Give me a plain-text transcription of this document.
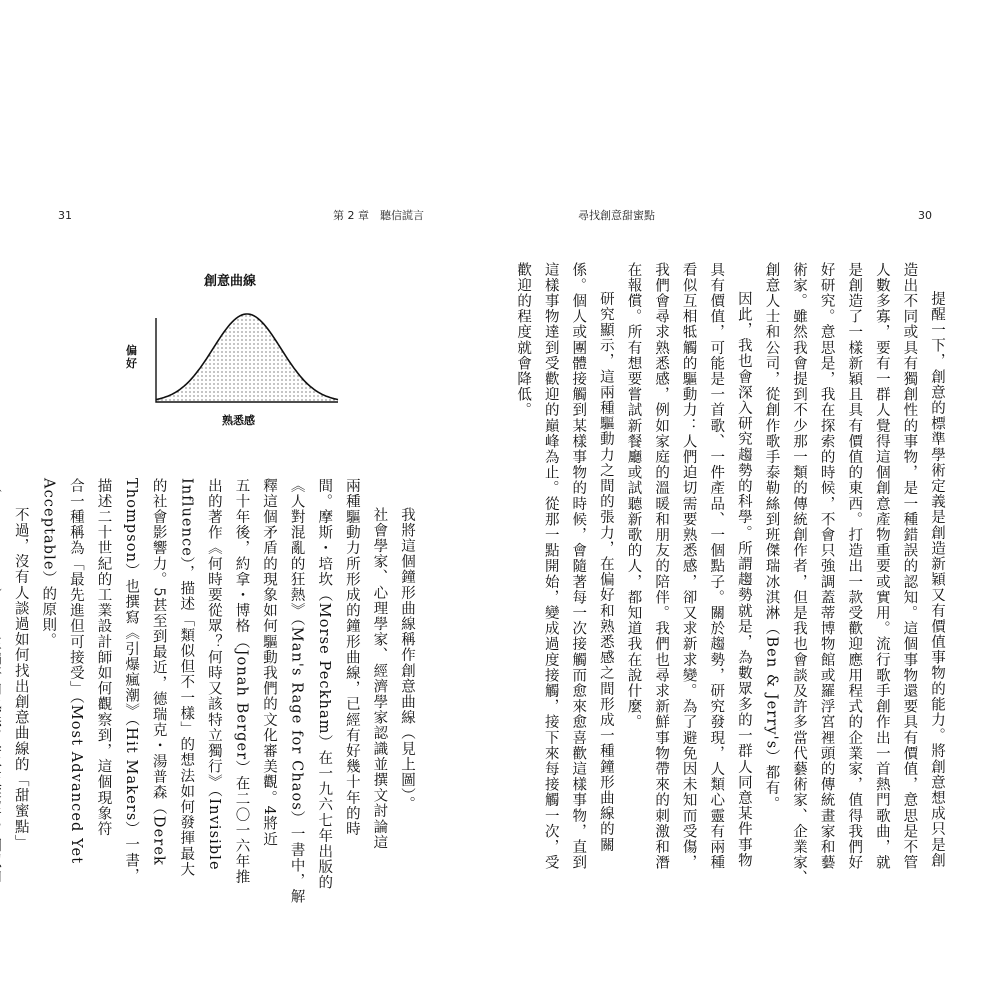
31	第 2 章　聽信謊言	尋找創意甜蜜點	30
創意曲線
偏好
熟悉感	提醒一下，創意的標準學術定義是創造新穎又有價值事物的能力。將創意想成只是創

造出不同或具有獨創性的事物，是一種錯誤的認知。這個事物還要具有價值，意思是不管

人數多寡，要有一群人覺得這個創意產物重要或實用。流行歌手創作出一首熱門歌曲，就

是創造了一樣新穎且具有價值的東西。打造出一款受歡迎應用程式的企業家，值得我們好

好研究。意思是，我在探索的時候，不會只強調蓋蒂博物館或羅浮宮裡頭的傳統畫家和藝

術家。雖然我會提到不少那一類的傳統創作者，但是我也會談及許多當代藝術家、企業家、

創意人士和公司，從創作歌手泰勒絲到班傑瑞冰淇淋（Ben & Jerry's）都有。

因此，我也會深入研究趨勢的科學。所謂趨勢就是，為數眾多的一群人同意某件事物

具有價值，可能是一首歌、一件產品、一個點子。關於趨勢，研究發現，人類心靈有兩種

看似互相牴觸的驅動力：人們迫切需要熟悉感，卻又求新求變。為了避免因未知而受傷，

我們會尋求熟悉感，例如家庭的溫暖和朋友的陪伴。我們也尋求新鮮事物帶來的刺激和潛

在報償。所有想要嘗試新餐廳或試聽新歌的人，都知道我在說什麼。

研究顯示，這兩種驅動力之間的張力，在偏好和熟悉感之間形成一種鐘形曲線的關

係。個人或團體接觸到某樣事物的時候，會隨著每一次接觸而愈來愈喜歡這樣事物，直到

這樣事物達到受歡迎的巔峰為止。從那一點開始，變成過度接觸，接下來每接觸一次，受

歡迎的程度就會降低。

我將這個鐘形曲線稱作創意曲線（見上圖）。

社會學家、心理學家、經濟學家認識並撰文討論這

兩種驅動力所形成的鐘形曲線，已經有好幾十年的時

間。摩斯・培坎（Morse Peckham）在一九六七年出版的

《人對混亂的狂熱》（Man's Rage for Chaos）一書中，解

釋這個矛盾的現象如何驅動我們的文化審美觀。4將近

五十年後，約拿・博格（Jonah Berger）在二〇一六年推

出的著作《何時要從眾？何時又該特立獨行》（Invisible

Influence），描述「類似但不一樣」的想法如何發揮最大

的社會影響力。5甚至到最近，德瑞克・湯普森（Derek

Thompson）也撰寫《引爆瘋潮》（Hit Makers）一書，

描述二十世紀的工業設計師如何觀察到，這個現象符

合一種稱為「最先進但可接受」（Most Advanced Yet

Acceptable）的原則。

不過，沒有人談過如何找出創意曲線的「甜蜜點」
